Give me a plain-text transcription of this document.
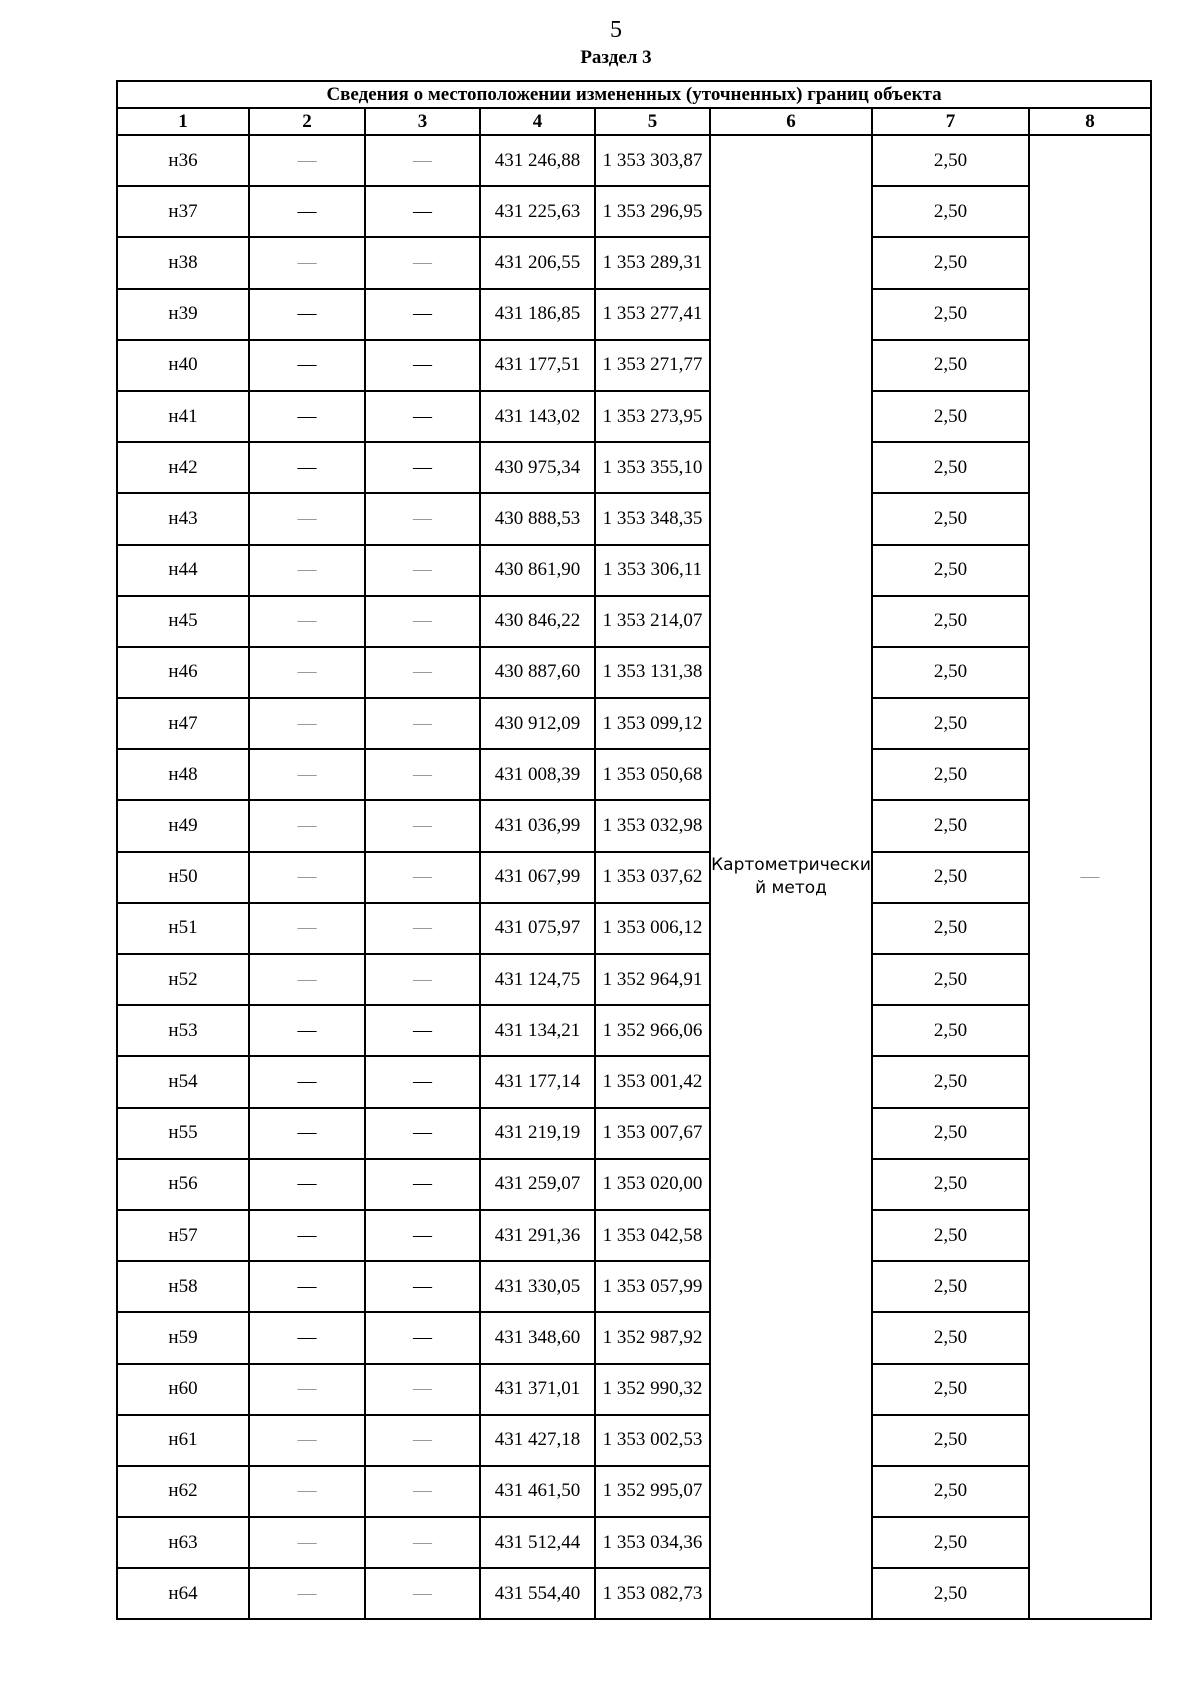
5
Раздел 3
Сведения о местоположении измененных (уточненных) границ объекта							
1	2	3	4	5	6	7	8
н36	—	—	431 246,88	1 353 303,87	Картометрический метод	2,50	—
н37	—	—	431 225,63	1 353 296,95		2,50	
н38	—	—	431 206,55	1 353 289,31		2,50	
н39	—	—	431 186,85	1 353 277,41		2,50	
н40	—	—	431 177,51	1 353 271,77		2,50	
н41	—	—	431 143,02	1 353 273,95		2,50	
н42	—	—	430 975,34	1 353 355,10		2,50	
н43	—	—	430 888,53	1 353 348,35		2,50	
н44	—	—	430 861,90	1 353 306,11		2,50	
н45	—	—	430 846,22	1 353 214,07		2,50	
н46	—	—	430 887,60	1 353 131,38		2,50	
н47	—	—	430 912,09	1 353 099,12		2,50	
н48	—	—	431 008,39	1 353 050,68		2,50	
н49	—	—	431 036,99	1 353 032,98		2,50	
н50	—	—	431 067,99	1 353 037,62		2,50	
н51	—	—	431 075,97	1 353 006,12		2,50	
н52	—	—	431 124,75	1 352 964,91		2,50	
н53	—	—	431 134,21	1 352 966,06		2,50	
н54	—	—	431 177,14	1 353 001,42		2,50	
н55	—	—	431 219,19	1 353 007,67		2,50	
н56	—	—	431 259,07	1 353 020,00		2,50	
н57	—	—	431 291,36	1 353 042,58		2,50	
н58	—	—	431 330,05	1 353 057,99		2,50	
н59	—	—	431 348,60	1 352 987,92		2,50	
н60	—	—	431 371,01	1 352 990,32		2,50	
н61	—	—	431 427,18	1 353 002,53		2,50	
н62	—	—	431 461,50	1 352 995,07		2,50	
н63	—	—	431 512,44	1 353 034,36		2,50	
н64	—	—	431 554,40	1 353 082,73		2,50	
